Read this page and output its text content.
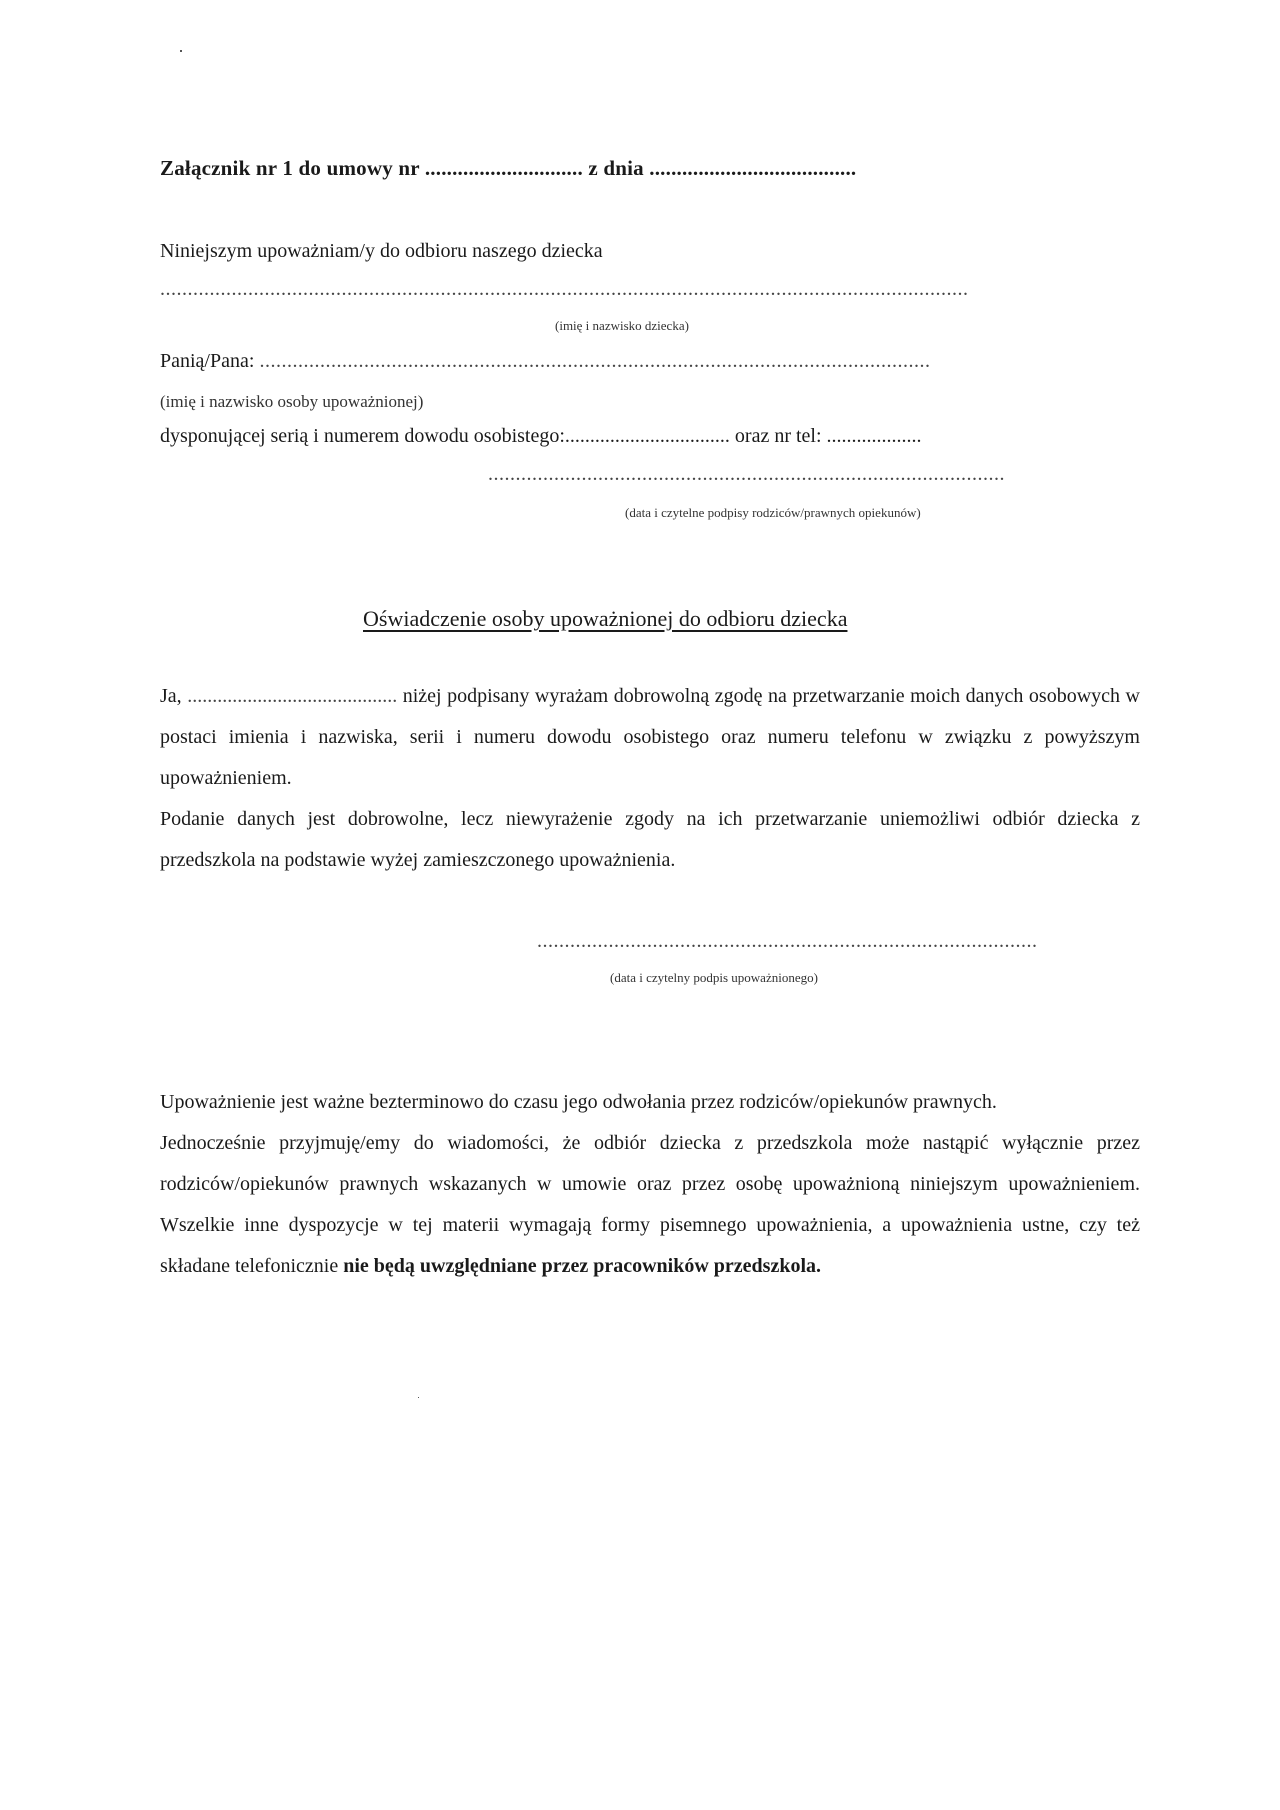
Załącznik nr 1 do umowy nr ............................. z dnia ......................................
Niniejszym upoważniam/y do odbioru naszego dziecka
...................................................................................................................................................
(imię i nazwisko dziecka)
Panią/Pana: ..........................................................................................................................
(imię i nazwisko osoby upoważnionej)
dysponującej serią i numerem dowodu osobistego:................................. oraz nr tel: ...................
..............................................................................................
(data i czytelne podpisy rodziców/prawnych opiekunów)
Oświadczenie osoby upoważnionej do odbioru dziecka

Ja, .......................................... niżej podpisany wyrażam dobrowolną zgodę na przetwarzanie moich danych osobowych w postaci imienia i nazwiska, serii i numeru dowodu osobistego oraz numeru telefonu w związku z powyższym upoważnieniem.

Podanie danych jest dobrowolne, lecz niewyrażenie zgody na ich przetwarzanie uniemożliwi odbiór dziecka z przedszkola na podstawie wyżej zamieszczonego upoważnienia.

...........................................................................................
(data i czytelny podpis upoważnionego)

Upoważnienie jest ważne bezterminowo do czasu jego odwołania przez rodziców/opiekunów prawnych.

Jednocześnie przyjmuję/emy do wiadomości, że odbiór dziecka z przedszkola może nastąpić wyłącznie przez rodziców/opiekunów prawnych wskazanych w umowie oraz przez osobę upoważnioną niniejszym upoważnieniem. Wszelkie inne dyspozycje w tej materii wymagają formy pisemnego upoważnienia, a upoważnienia ustne, czy też składane telefonicznie nie będą uwzględniane przez pracowników przedszkola.
